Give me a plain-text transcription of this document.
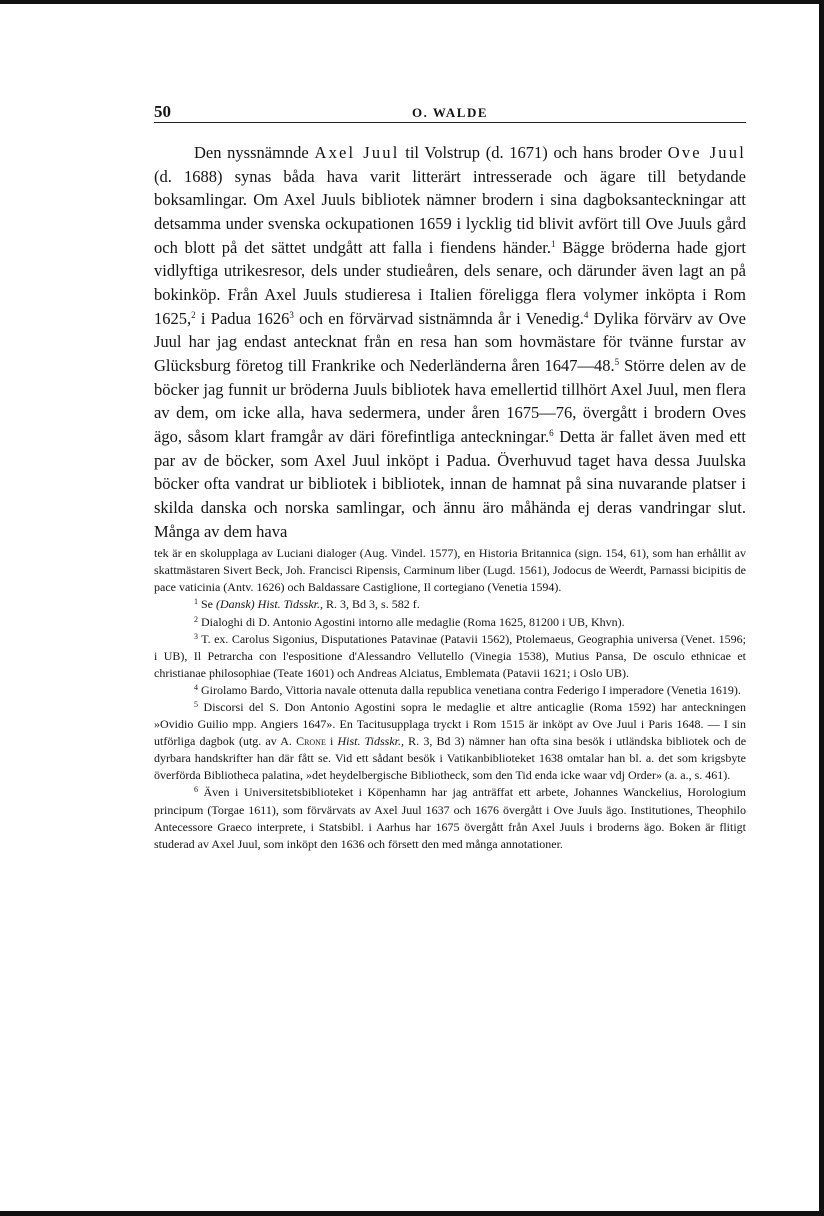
50	O. WALDE

Den nyssnämnde Axel Juul til Volstrup (d. 1671) och hans broder Ove Juul (d. 1688) synas båda hava varit litterärt intresserade och ägare till betydande boksamlingar. Om Axel Juuls bibliotek nämner brodern i sina dagboksanteckningar att detsamma under svenska ockupationen 1659 i lycklig tid blivit avfört till Ove Juuls gård och blott på det sättet undgått att falla i fiendens händer.$^1$ Bägge bröderna hade gjort vidlyftiga utrikesresor, dels under studieåren, dels senare, och därunder även lagt an på bokinköp. Från Axel Juuls studieresa i Italien föreligga flera volymer inköpta i Rom 1625,$^2$ i Padua 1626$^3$ och en förvärvad sistnämnda år i Venedig.$^4$ Dylika förvärv av Ove Juul har jag endast antecknat från en resa han som hovmästare för tvänne furstar av Glücksburg företog till Frankrike och Nederländerna åren 1647—48.$^5$ Större delen av de böcker jag funnit ur bröderna Juuls bibliotek hava emellertid tillhört Axel Juul, men flera av dem, om icke alla, hava sedermera, under åren 1675—76, övergått i brodern Oves ägo, såsom klart framgår av däri förefintliga anteckningar.$^6$ Detta är fallet även med ett par av de böcker, som Axel Juul inköpt i Padua. Överhuvud taget hava dessa Juulska böcker ofta vandrat ur bibliotek i bibliotek, innan de hamnat på sina nuvarande platser i skilda danska och norska samlingar, och ännu äro måhända ej deras vandringar slut. Många av dem hava

tek är en skolupplaga av Luciani dialoger (Aug. Vindel. 1577), en Historia Britannica (sign. 154, 61), som han erhållit av skattmästaren Sivert Beck, Joh. Francisci Ripensis, Carminum liber (Lugd. 1561), Jodocus de Weerdt, Parnassi bicipitis de pace vaticinia (Antv. 1626) och Baldassare Castiglione, Il cortegiano (Venetia 1594).

$^1$ Se (Dansk) Hist. Tidsskr., R. 3, Bd 3, s. 582 f.

$^2$ Dialoghi di D. Antonio Agostini intorno alle medaglie (Roma 1625, 81200 i UB, Khvn).

$^3$ T. ex. Carolus Sigonius, Disputationes Patavinae (Patavii 1562), Ptolemaeus, Geographia universa (Venet. 1596; i UB), Il Petrarcha con l'espositione d'Alessandro Vellutello (Vinegia 1538), Mutius Pansa, De osculo ethnicae et christianae philosophiae (Teate 1601) och Andreas Alciatus, Emblemata (Patavii 1621; i Oslo UB).

$^4$ Girolamo Bardo, Vittoria navale ottenuta dalla republica venetiana contra Federigo I imperadore (Venetia 1619).

$^5$ Discorsi del S. Don Antonio Agostini sopra le medaglie et altre anticaglie (Roma 1592) har anteckningen »Ovidio Guilio mpp. Angiers 1647». En Tacitusupplaga tryckt i Rom 1515 är inköpt av Ove Juul i Paris 1648. — I sin utförliga dagbok (utg. av A. Crone i Hist. Tidsskr., R. 3, Bd 3) nämner han ofta sina besök i utländska bibliotek och de dyrbara handskrifter han där fått se. Vid ett sådant besök i Vatikanbiblioteket 1638 omtalar han bl. a. det som krigsbyte överförda Bibliotheca palatina, »det heydelbergische Bibliotheck, som den Tid enda icke waar vdj Order» (a. a., s. 461).

$^6$ Även i Universitetsbiblioteket i Köpenhamn har jag anträffat ett arbete, Johannes Wanckelius, Horologium principum (Torgae 1611), som förvärvats av Axel Juul 1637 och 1676 övergått i Ove Juuls ägo. Institutiones, Theophilo Antecessore Graeco interprete, i Statsbibl. i Aarhus har 1675 övergått från Axel Juuls i broderns ägo. Boken är flitigt studerad av Axel Juul, som inköpt den 1636 och försett den med många annotationer.
